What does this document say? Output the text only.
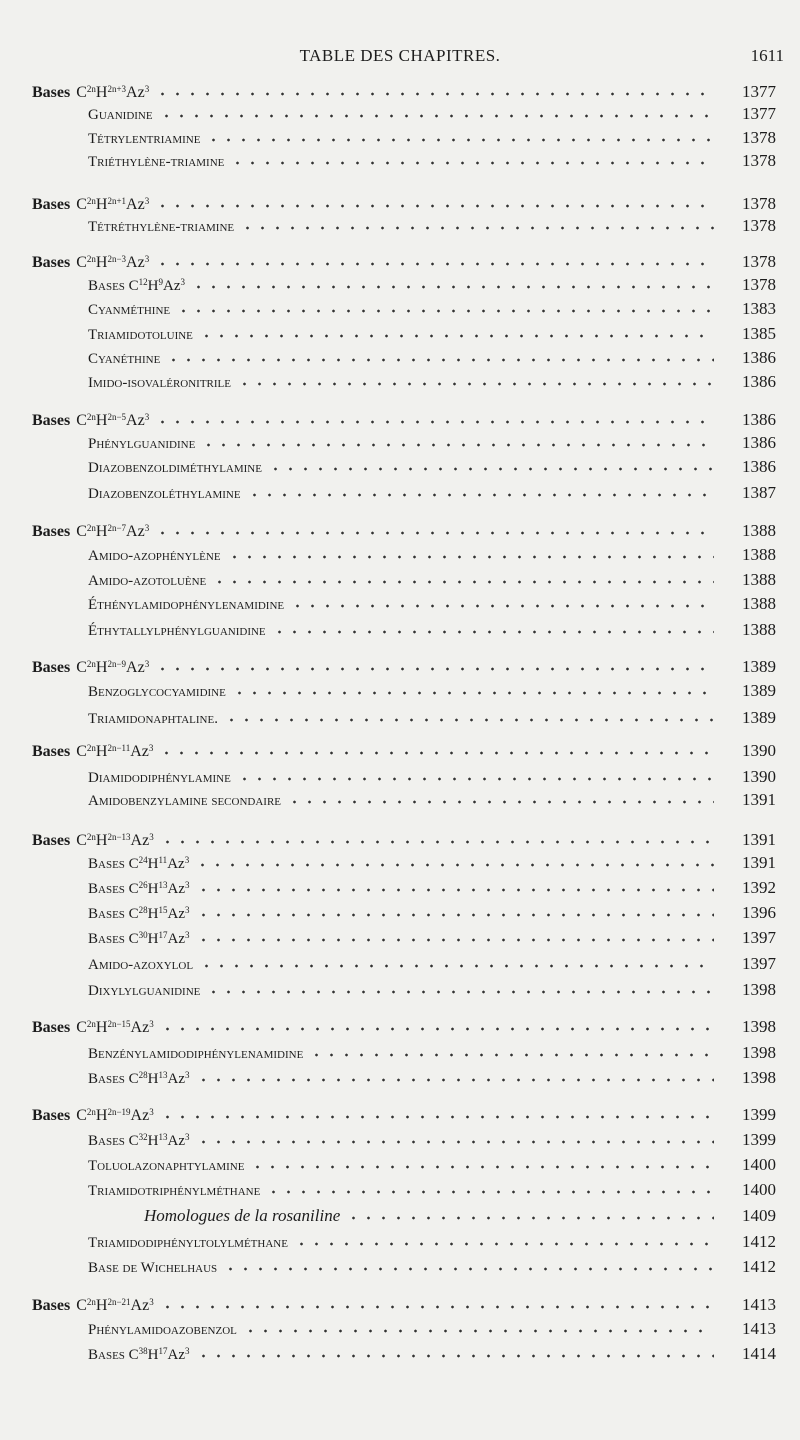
TABLE DES CHAPITRES.	1611
Bases $C^{2n}H^{2n+3}Az^3$	1377
Guanidine	1377
Tétrylentriamine	1378
Triéthylène-triamine	1378
Bases $C^{2n}H^{2n+1}Az^3$	1378
Tétréthylène-triamine	1378
Bases $C^{2n}H^{2n-3}Az^3$	1378
Bases $C^{12}H^9Az^3$	1378
Cyanméthine	1383
Triamidotoluine	1385
Cyanéthine	1386
Imido-isovaléronitrile	1386
Bases $C^{2n}H^{2n-5}Az^3$	1386
Phénylguanidine	1386
Diazobenzoldiméthylamine	1386
Diazobenzoléthylamine	1387
Bases $C^{2n}H^{2n-7}Az^3$	1388
Amido-azophénylène	1388
Amido-azotoluène	1388
Éthénylamidophénylenamidine	1388
Éthytallylphénylguanidine	1388
Bases $C^{2n}H^{2n-9}Az^3$	1389
Benzoglycocyamidine	1389
Triamidonaphtaline.	1389
Bases $C^{2n}H^{2n-11}Az^3$	1390
Diamidodiphénylamine	1390
Amidobenzylamine secondaire	1391
Bases $C^{2n}H^{2n-13}Az^3$	1391
Bases $C^{24}H^{11}Az^3$	1391
Bases $C^{26}H^{13}Az^3$	1392
Bases $C^{28}H^{15}Az^3$	1396
Bases $C^{30}H^{17}Az^3$	1397
Amido-azoxylol	1397
Dixylylguanidine	1398
Bases $C^{2n}H^{2n-15}Az^3$	1398
Benzénylamidodiphénylenamidine	1398
Bases $C^{28}H^{13}Az^3$	1398
Bases $C^{2n}H^{2n-19}Az^3$	1399
Bases $C^{32}H^{13}Az^3$	1399
Toluolazonaphtylamine	1400
Triamidotriphénylméthane	1400
Homologues de la rosaniline	1409
Triamidodiphényltolylméthane	1412
Base de Wichelhaus	1412
Bases $C^{2n}H^{2n-21}Az^3$	1413
Phénylamidoazobenzol	1413
Bases $C^{38}H^{17}Az^3$	1414
